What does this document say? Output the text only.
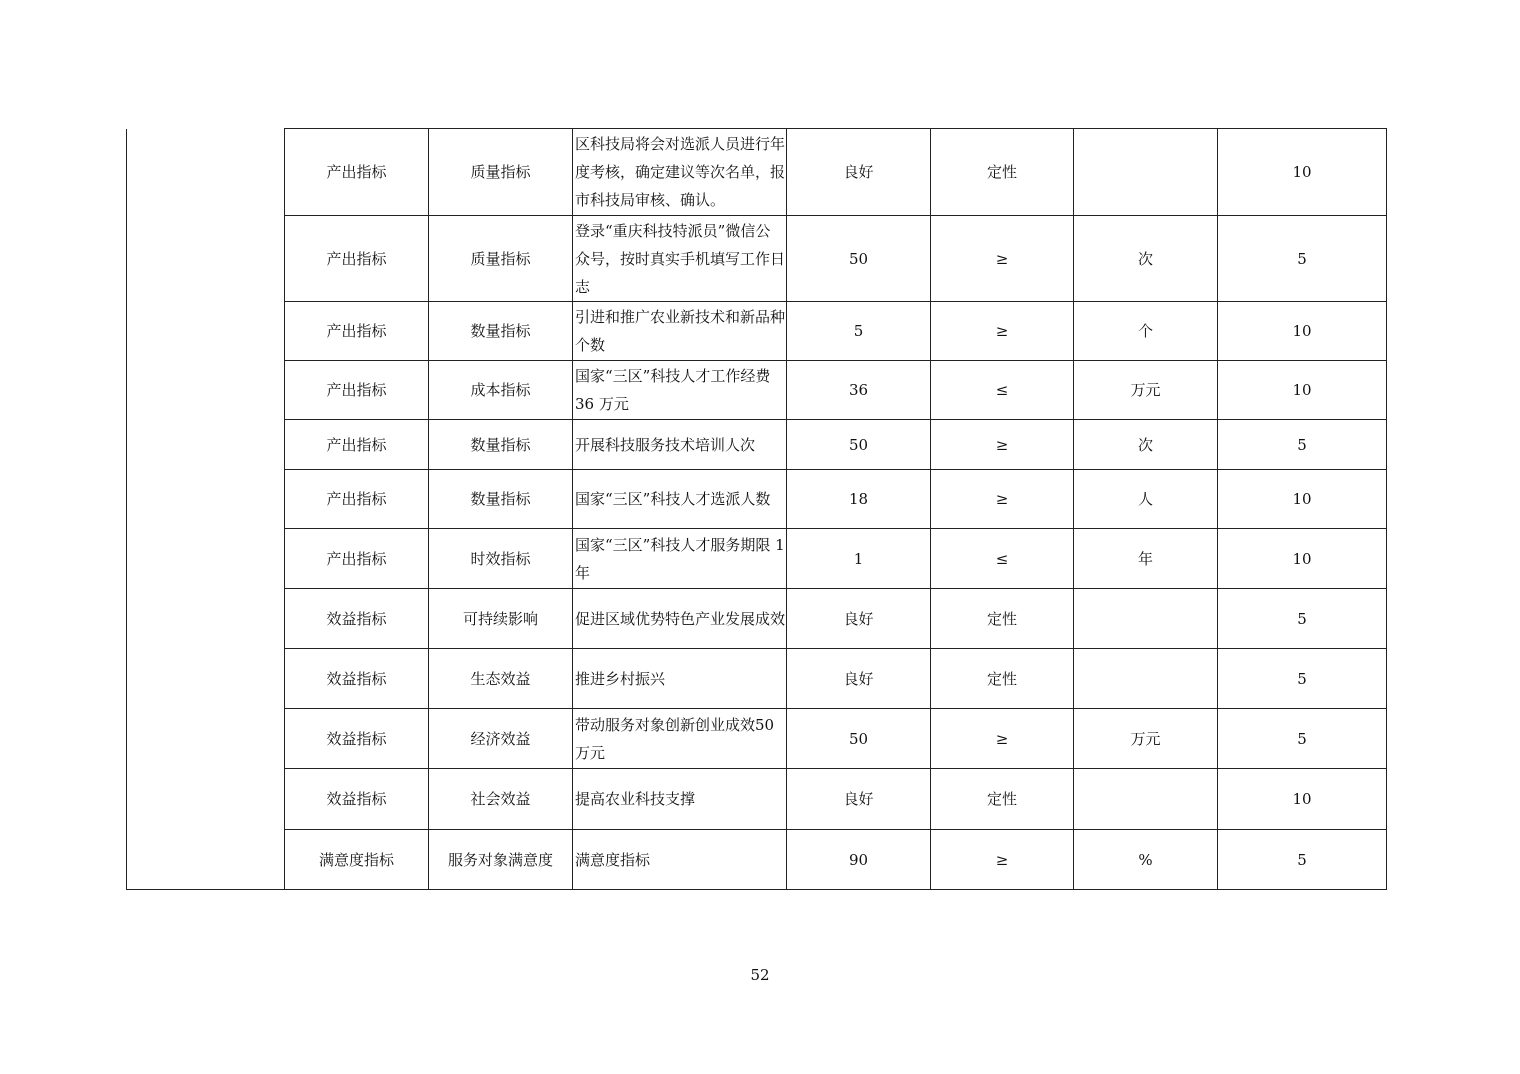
	产出指标	质量指标	区科技局将会对选派人员进行年度考核，确定建议等次名单，报市科技局审核、确认。	良好	定性		10
	产出指标	质量指标	登录“重庆科技特派员”微信公众号，按时真实手机填写工作日志	50	≥	次	5
	产出指标	数量指标	引进和推广农业新技术和新品种个数	5	≥	个	10
	产出指标	成本指标	国家“三区”科技人才工作经费 36 万元	36	≤	万元	10
	产出指标	数量指标	开展科技服务技术培训人次	50	≥	次	5
	产出指标	数量指标	国家“三区”科技人才选派人数	18	≥	人	10
	产出指标	时效指标	国家“三区”科技人才服务期限 1 年	1	≤	年	10
	效益指标	可持续影响	促进区域优势特色产业发展成效	良好	定性		5
	效益指标	生态效益	推进乡村振兴	良好	定性		5
	效益指标	经济效益	带动服务对象创新创业成效50 万元	50	≥	万元	5
	效益指标	社会效益	提高农业科技支撑	良好	定性		10
	满意度指标	服务对象满意度	满意度指标	90	≥	%	5
52
